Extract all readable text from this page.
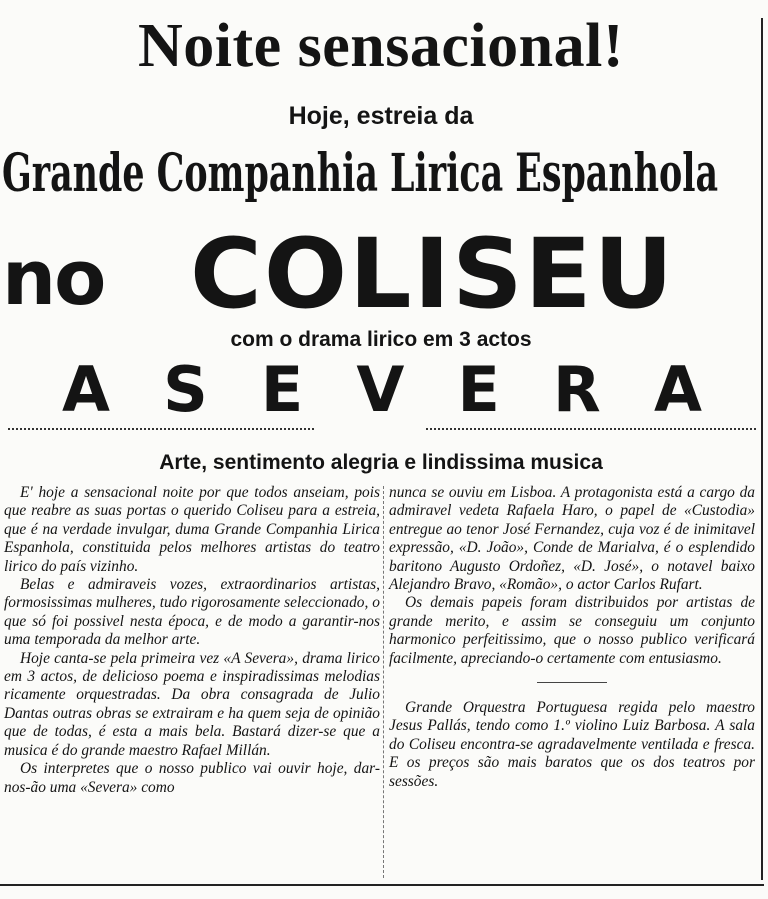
Noite sensacional!
Hoje, estreia da
Grande Companhia Lirica Espanhola
no COLISEU
com o drama lirico em 3 actos
A S E V E R A
Arte, sentimento alegria e lindissima musica

E' hoje a sensacional noite por que todos anseiam, pois que reabre as suas portas o querido Coliseu para a estreia, que é na verdade invulgar, duma Grande Companhia Lirica Espanhola, constituida pelos melhores artistas do teatro lirico do país vizinho.

Belas e admiraveis vozes, extraordinarios artistas, formosissimas mulheres, tudo rigorosamente seleccionado, o que só foi possivel nesta época, e de modo a garantir-nos uma temporada da melhor arte.

Hoje canta-se pela primeira vez «A Severa», drama lirico em 3 actos, de delicioso poema e inspiradissimas melodias ricamente orquestradas. Da obra consagrada de Julio Dantas outras obras se extrairam e ha quem seja de opinião que de todas, é esta a mais bela. Bastará dizer-se que a musica é do grande maestro Rafael Millán.

Os interpretes que o nosso publico vai ouvir hoje, dar-nos-ão uma «Severa» como

nunca se ouviu em Lisboa. A protagonista está a cargo da admiravel vedeta Rafaela Haro, o papel de «Custodia» entregue ao tenor José Fernandez, cuja voz é de inimitavel expressão, «D. João», Conde de Marialva, é o esplendido baritono Augusto Ordoñez, «D. José», o notavel baixo Alejandro Bravo, «Romão», o actor Carlos Rufart.

Os demais papeis foram distribuidos por artistas de grande merito, e assim se conseguiu um conjunto harmonico perfeitissimo, que o nosso publico verificará facilmente, apreciando-o certamente com entusiasmo.

Grande Orquestra Portuguesa regida pelo maestro Jesus Pallás, tendo como 1.º violino Luiz Barbosa. A sala do Coliseu encontra-se agradavelmente ventilada e fresca. E os preços são mais baratos que os dos teatros por sessões.
